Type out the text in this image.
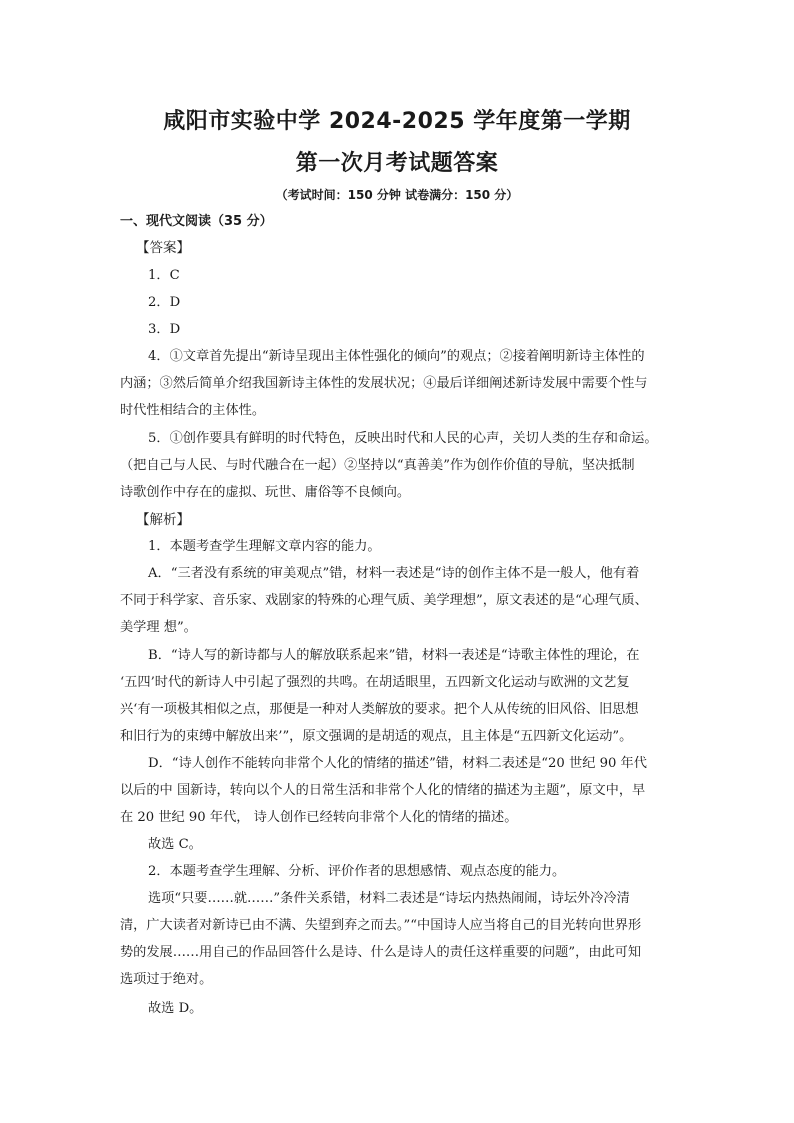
咸阳市实验中学 2024-2025 学年度第一学期
第一次月考试题答案
（考试时间：150 分钟 试卷满分：150 分）
一、现代文阅读（35 分）
【答案】
1．C
2．D
3．D
4．①文章首先提出“新诗呈现出主体性强化的倾向”的观点；②接着阐明新诗主体性的
内涵；③然后简单介绍我国新诗主体性的发展状况；④最后详细阐述新诗发展中需要个性与
时代性相结合的主体性。
5．①创作要具有鲜明的时代特色，反映出时代和人民的心声，关切人类的生存和命运。
（把自己与人民、与时代融合在一起）②坚持以“真善美”作为创作价值的导航，坚决抵制
诗歌创作中存在的虚拟、玩世、庸俗等不良倾向。
【解析】
1．本题考查学生理解文章内容的能力。
A．“三者没有系统的审美观点”错，材料一表述是“诗的创作主体不是一般人，他有着
不同于科学家、音乐家、戏剧家的特殊的心理气质、美学理想”，原文表述的是“心理气质、
美学理 想”。
B．“诗人写的新诗都与人的解放联系起来”错，材料一表述是“诗歌主体性的理论，在
‘五四’时代的新诗人中引起了强烈的共鸣。在胡适眼里，五四新文化运动与欧洲的文艺复
兴‘有一项极其相似之点，那便是一种对人类解放的要求。把个人从传统的旧风俗、旧思想
和旧行为的束缚中解放出来’”，原文强调的是胡适的观点，且主体是“五四新文化运动”。
D．“诗人创作不能转向非常个人化的情绪的描述”错，材料二表述是“20 世纪 90 年代
以后的中 国新诗，转向以个人的日常生活和非常个人化的情绪的描述为主题”，原文中，早
在 20 世纪 90 年代， 诗人创作已经转向非常个人化的情绪的描述。
故选 C。
2．本题考查学生理解、分析、评价作者的思想感情、观点态度的能力。
选项“只要……就……”条件关系错，材料二表述是“诗坛内热热闹闹，诗坛外冷冷清
清，广大读者对新诗已由不满、失望到弃之而去。”“中国诗人应当将自己的目光转向世界形
势的发展……用自己的作品回答什么是诗、什么是诗人的责任这样重要的问题”，由此可知
选项过于绝对。
故选 D。
